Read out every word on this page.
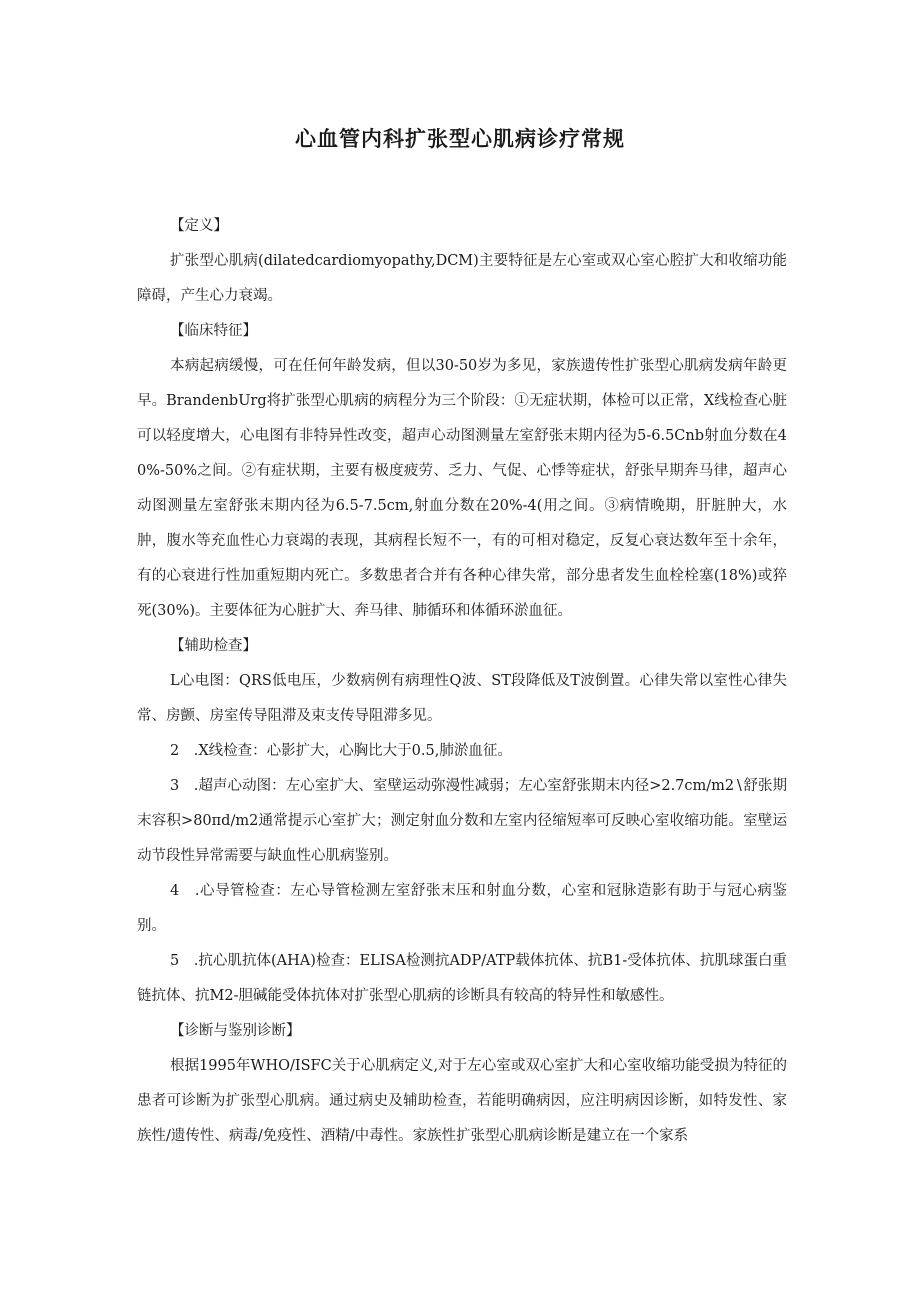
心血管内科扩张型心肌病诊疗常规

【定义】

扩张型心肌病(dilatedcardiomyopathy,DCM)主要特征是左心室或双心室心腔扩大和收缩功能障碍，产生心力衰竭。

【临床特征】

本病起病缓慢，可在任何年龄发病，但以30-50岁为多见，家族遗传性扩张型心肌病发病年龄更早。BrandenbUrg将扩张型心肌病的病程分为三个阶段：①无症状期，体检可以正常，X线检查心脏可以轻度增大，心电图有非特异性改变，超声心动图测量左室舒张末期内径为5-6.5Cnb射血分数在40%-50%之间。②有症状期，主要有极度疲劳、乏力、气促、心悸等症状，舒张早期奔马律，超声心动图测量左室舒张末期内径为6.5-7.5cm,射血分数在20%-4(用之间。③病情晚期，肝脏肿大，水肿，腹水等充血性心力衰竭的表现，其病程长短不一，有的可相对稳定，反复心衰达数年至十余年，有的心衰进行性加重短期内死亡。多数患者合并有各种心律失常，部分患者发生血栓栓塞(18%)或猝死(30%)。主要体征为心脏扩大、奔马律、肺循环和体循环淤血征。

【辅助检查】

L心电图：QRS低电压，少数病例有病理性Q波、ST段降低及T波倒置。心律失常以室性心律失常、房颤、房室传导阻滞及束支传导阻滞多见。

2　.X线检查：心影扩大，心胸比大于0.5,肺淤血征。

3　.超声心动图：左心室扩大、室壁运动弥漫性减弱；左心室舒张期末内径>2.7cm∕m2∖舒张期末容积>80πd∕m2通常提示心室扩大；测定射血分数和左室内径缩短率可反映心室收缩功能。室壁运动节段性异常需要与缺血性心肌病鉴别。

4　.心导管检查：左心导管检测左室舒张末压和射血分数，心室和冠脉造影有助于与冠心病鉴别。

5　.抗心肌抗体(AHA)检查：ELISA检测抗ADP/ATP载体抗体、抗B1-受体抗体、抗肌球蛋白重链抗体、抗M2-胆碱能受体抗体对扩张型心肌病的诊断具有较高的特异性和敏感性。

【诊断与鉴别诊断】

根据1995年WHO/ISFC关于心肌病定义,对于左心室或双心室扩大和心室收缩功能受损为特征的患者可诊断为扩张型心肌病。通过病史及辅助检查，若能明确病因，应注明病因诊断，如特发性、家族性/遗传性、病毒/免疫性、酒精/中毒性。家族性扩张型心肌病诊断是建立在一个家系
